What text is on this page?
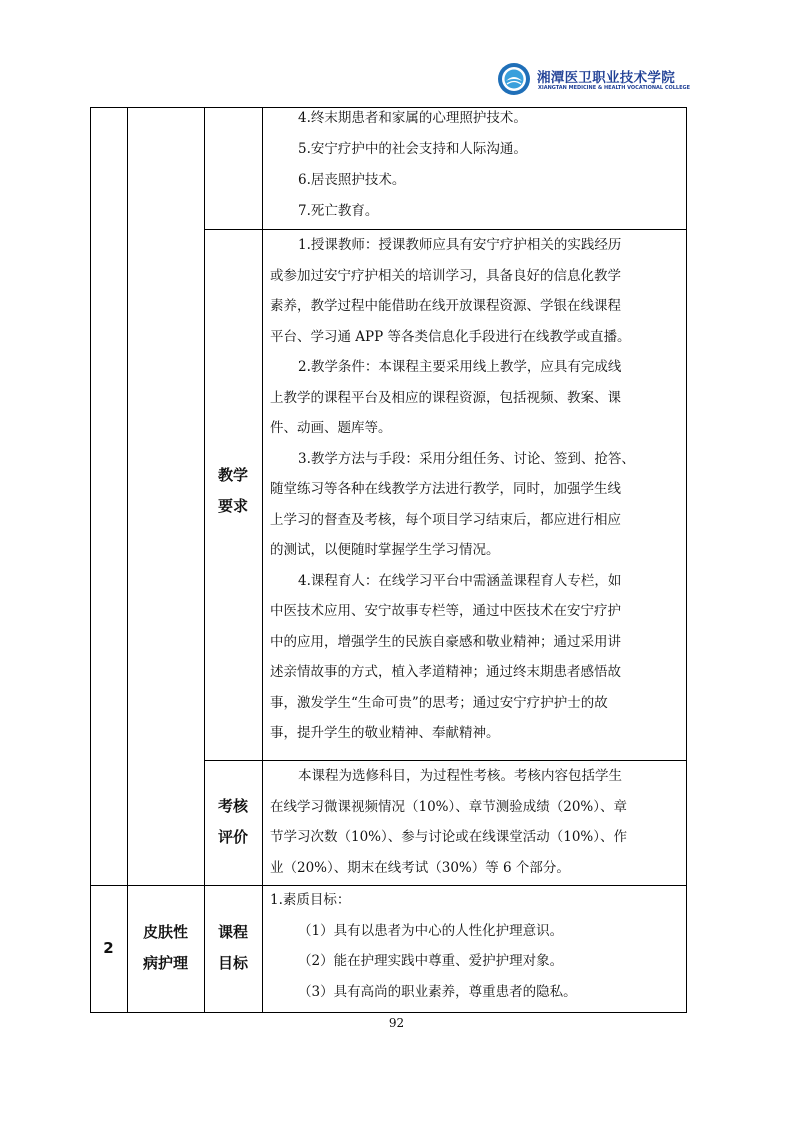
湘潭医卫职业技术学院
XIANGTAN MEDICINE & HEALTH VOCATIONAL COLLEGE
4.终末期患者和家属的心理照护技术。
5.安宁疗护中的社会支持和人际沟通。
6.居丧照护技术。
7.死亡教育。
教学
要求
1.授课教师：授课教师应具有安宁疗护相关的实践经历
或参加过安宁疗护相关的培训学习，具备良好的信息化教学
素养，教学过程中能借助在线开放课程资源、学银在线课程
平台、学习通 APP 等各类信息化手段进行在线教学或直播。
2.教学条件：本课程主要采用线上教学，应具有完成线
上教学的课程平台及相应的课程资源，包括视频、教案、课
件、动画、题库等。
3.教学方法与手段：采用分组任务、讨论、签到、抢答、
随堂练习等各种在线教学方法进行教学，同时，加强学生线
上学习的督查及考核，每个项目学习结束后，都应进行相应
的测试，以便随时掌握学生学习情况。
4.课程育人：在线学习平台中需涵盖课程育人专栏，如
中医技术应用、安宁故事专栏等，通过中医技术在安宁疗护
中的应用，增强学生的民族自豪感和敬业精神；通过采用讲
述亲情故事的方式，植入孝道精神；通过终末期患者感悟故
事，激发学生“生命可贵”的思考；通过安宁疗护护士的故
事，提升学生的敬业精神、奉献精神。
考核
评价
本课程为选修科目，为过程性考核。考核内容包括学生
在线学习微课视频情况（10%）、章节测验成绩（20%）、章
节学习次数（10%）、参与讨论或在线课堂活动（10%）、作
业（20%）、期末在线考试（30%）等 6 个部分。
2
皮肤性
病护理
课程
目标
1.素质目标：
（1）具有以患者为中心的人性化护理意识。
（2）能在护理实践中尊重、爱护护理对象。
（3）具有高尚的职业素养，尊重患者的隐私。
92
